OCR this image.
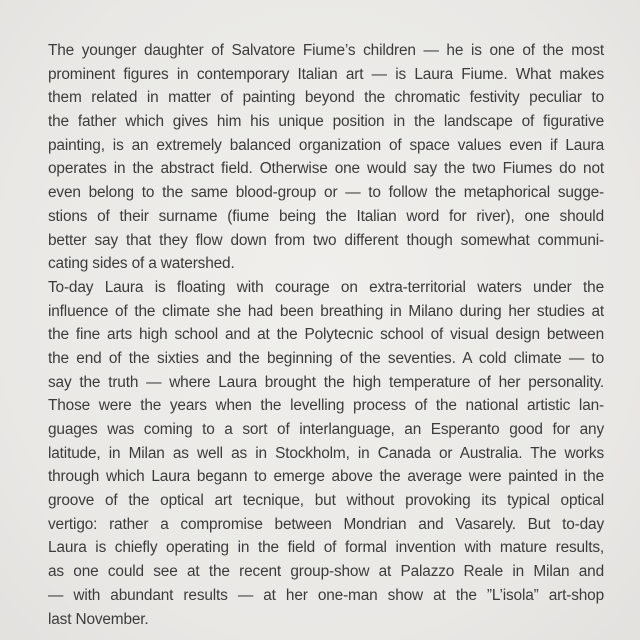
The younger daughter of Salvatore Fiume’s children — he is one of the most
prominent figures in contemporary Italian art — is Laura Fiume. What makes
them related in matter of painting beyond the chromatic festivity peculiar to
the father which gives him his unique position in the landscape of figurative
painting, is an extremely balanced organization of space values even if Laura
operates in the abstract field. Otherwise one would say the two Fiumes do not
even belong to the same blood-group or — to follow the metaphorical sugge-
stions of their surname (fiume being the Italian word for river), one should
better say that they flow down from two different though somewhat communi-
cating sides of a watershed.
To-day Laura is floating with courage on extra-territorial waters under the
influence of the climate she had been breathing in Milano during her studies at
the fine arts high school and at the Polytecnic school of visual design between
the end of the sixties and the beginning of the seventies. A cold climate — to
say the truth — where Laura brought the high temperature of her personality.
Those were the years when the levelling process of the national artistic lan-
guages was coming to a sort of interlanguage, an Esperanto good for any
latitude, in Milan as well as in Stockholm, in Canada or Australia. The works
through which Laura begann to emerge above the average were painted in the
groove of the optical art tecnique, but without provoking its typical optical
vertigo: rather a compromise between Mondrian and Vasarely. But to-day
Laura is chiefly operating in the field of formal invention with mature results,
as one could see at the recent group-show at Palazzo Reale in Milan and
— with abundant results — at her one-man show at the ”L’isola” art-shop
last November.
